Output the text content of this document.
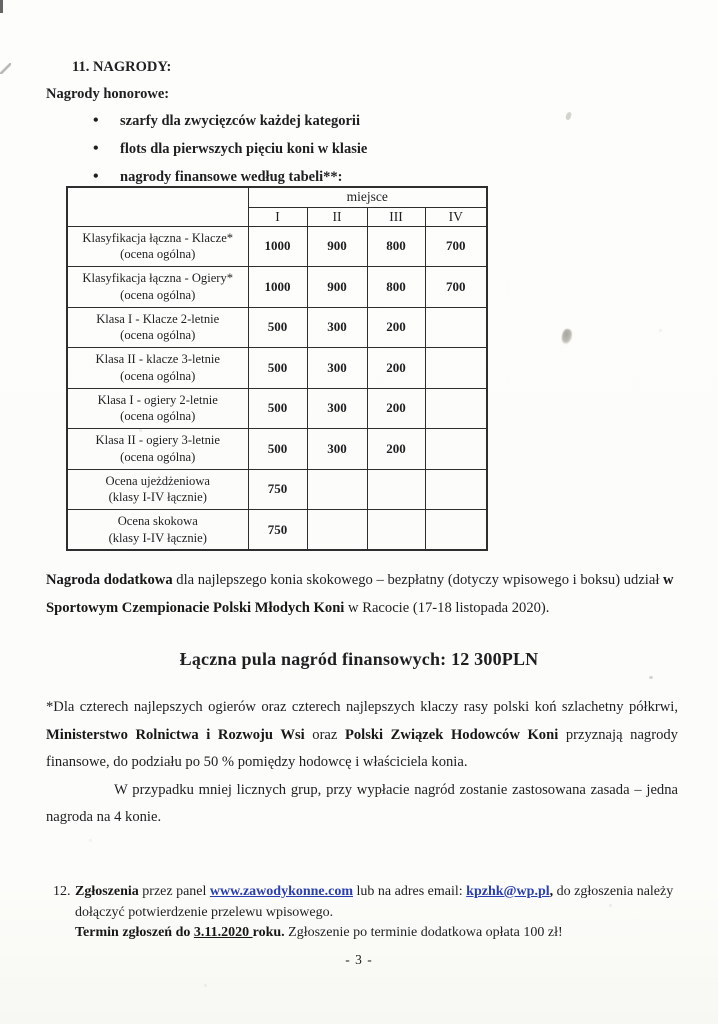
11. NAGRODY:
Nagrody honorowe:
• szarfy dla zwycięzców każdej kategorii
• flots dla pierwszych pięciu koni w klasie
• nagrody finansowe według tabeli**:
	miejsce			
	I	II	III	IV

Klasyfikacja łączna - Klacze*
(ocena ogólna)	1000	900	800	700

Klasyfikacja łączna - Ogiery*
(ocena ogólna)	1000	900	800	700

Klasa I - Klacze 2-letnie
(ocena ogólna)	500	300	200	

Klasa II - klacze 3-letnie
(ocena ogólna)	500	300	200	

Klasa I - ogiery 2-letnie
(ocena ogólna)	500	300	200	

Klasa II - ogiery 3-letnie
(ocena ogólna)	500	300	200	

Ocena ujeżdżeniowa
(klasy I-IV łącznie)	750			

Ocena skokowa
(klasy I-IV łącznie)	750			

Nagroda dodatkowa dla najlepszego konia skokowego – bezpłatny (dotyczy wpisowego i boksu) udział w
Sportowym Czempionacie Polski Młodych Koni w Racocie (17-18 listopada 2020).

Łączna pula nagród finansowych: 12 300PLN

*Dla czterech najlepszych ogierów oraz czterech najlepszych klaczy rasy polski koń szlachetny półkrwi, Ministerstwo Rolnictwa i Rozwoju Wsi oraz Polski Związek Hodowców Koni przyznają nagrody finansowe, do podziału po 50 % pomiędzy hodowcę i właściciela konia.

W przypadku mniej licznych grup, przy wypłacie nagród zostanie zastosowana zasada – jedna nagroda na 4 konie.

12. Zgłoszenia przez panel www.zawodykonne.com lub na adres email: kpzhk@wp.pl, do zgłoszenia należy dołączyć potwierdzenie przelewu wpisowego.

Termin zgłoszeń do 3.11.2020 roku. Zgłoszenie po terminie dodatkowa opłata 100 zł!

- 3 -
